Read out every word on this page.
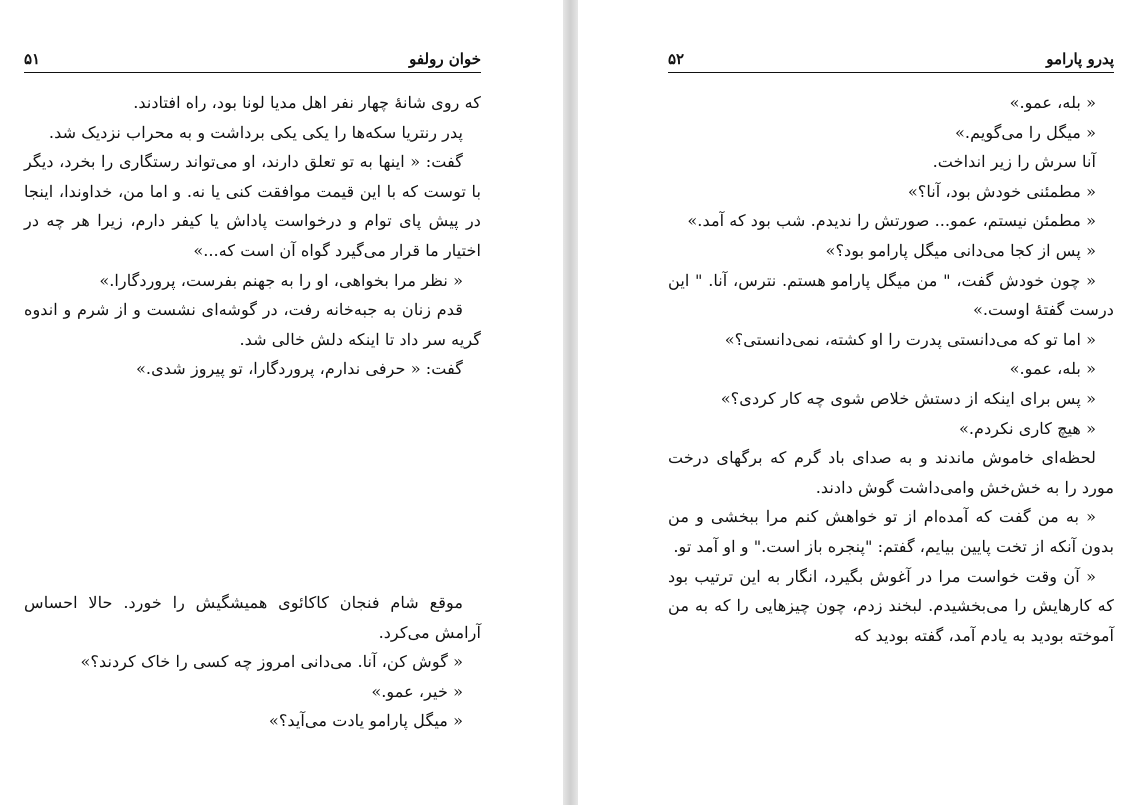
پدرو پارامو
۵۲

« بله، عمو.»

« میگل را می‌گویم.»

آنا سرش را زیر انداخت.

« مطمئنی خودش بود، آنا؟»

« مطمئن نیستم، عمو... صورتش را ندیدم. شب بود که آمد.»

« پس از کجا می‌دانی میگل پارامو بود؟»

« چون خودش گفت، " من میگل پارامو هستم. نترس، آنا. " این درست گفتهٔ اوست.»

« اما تو که می‌دانستی پدرت را او کشته، نمی‌دانستی؟»

« بله، عمو.»

« پس برای اینکه از دستش خلاص شوی چه کار کردی؟»

« هیچ کاری نکردم.»

لحظه‌ای خاموش ماندند و به صدای باد گرم که برگهای درخت مورد را به خش‌خش وامی‌داشت گوش دادند.

« به من گفت که آمده‌ام از تو خواهش کنم مرا ببخشی و من بدون آنکه از تخت پایین بیایم، گفتم: "پنجره باز است." و او آمد تو.

« آن وقت خواست مرا در آغوش بگیرد، انگار به این ترتیب بود که کارهایش را می‌بخشیدم. لبخند زدم، چون چیزهایی را که به من آموخته بودید به یادم آمد، گفته بودید که

خوان رولفو
۵۱

که روی شانهٔ چهار نفر اهل مدیا لونا بود، راه افتادند.

پدر رنتریا سکه‌ها را یکی یکی برداشت و به محراب نزدیک شد.

گفت: « اینها به تو تعلق دارند، او می‌تواند رستگاری را بخرد، دیگر با توست که با این قیمت موافقت کنی یا نه. و اما من، خداوندا، اینجا در پیش پای توام و درخواست پاداش یا کیفر دارم، زیرا هر چه در اختیار ما قرار می‌گیرد گواه آن است که...»

« نظر مرا بخواهی، او را به جهنم بفرست، پروردگارا.»

قدم زنان به جبه‌خانه رفت، در گوشه‌ای نشست و از شرم و اندوه گریه سر داد تا اینکه دلش خالی شد.

گفت: « حرفی ندارم، پروردگارا، تو پیروز شدی.»

موقع شام فنجان کاکائوی همیشگیش را خورد. حالا احساس آرامش می‌کرد.

« گوش کن، آنا. می‌دانی امروز چه کسی را خاک کردند؟»

« خیر، عمو.»

« میگل پارامو یادت می‌آید؟»
